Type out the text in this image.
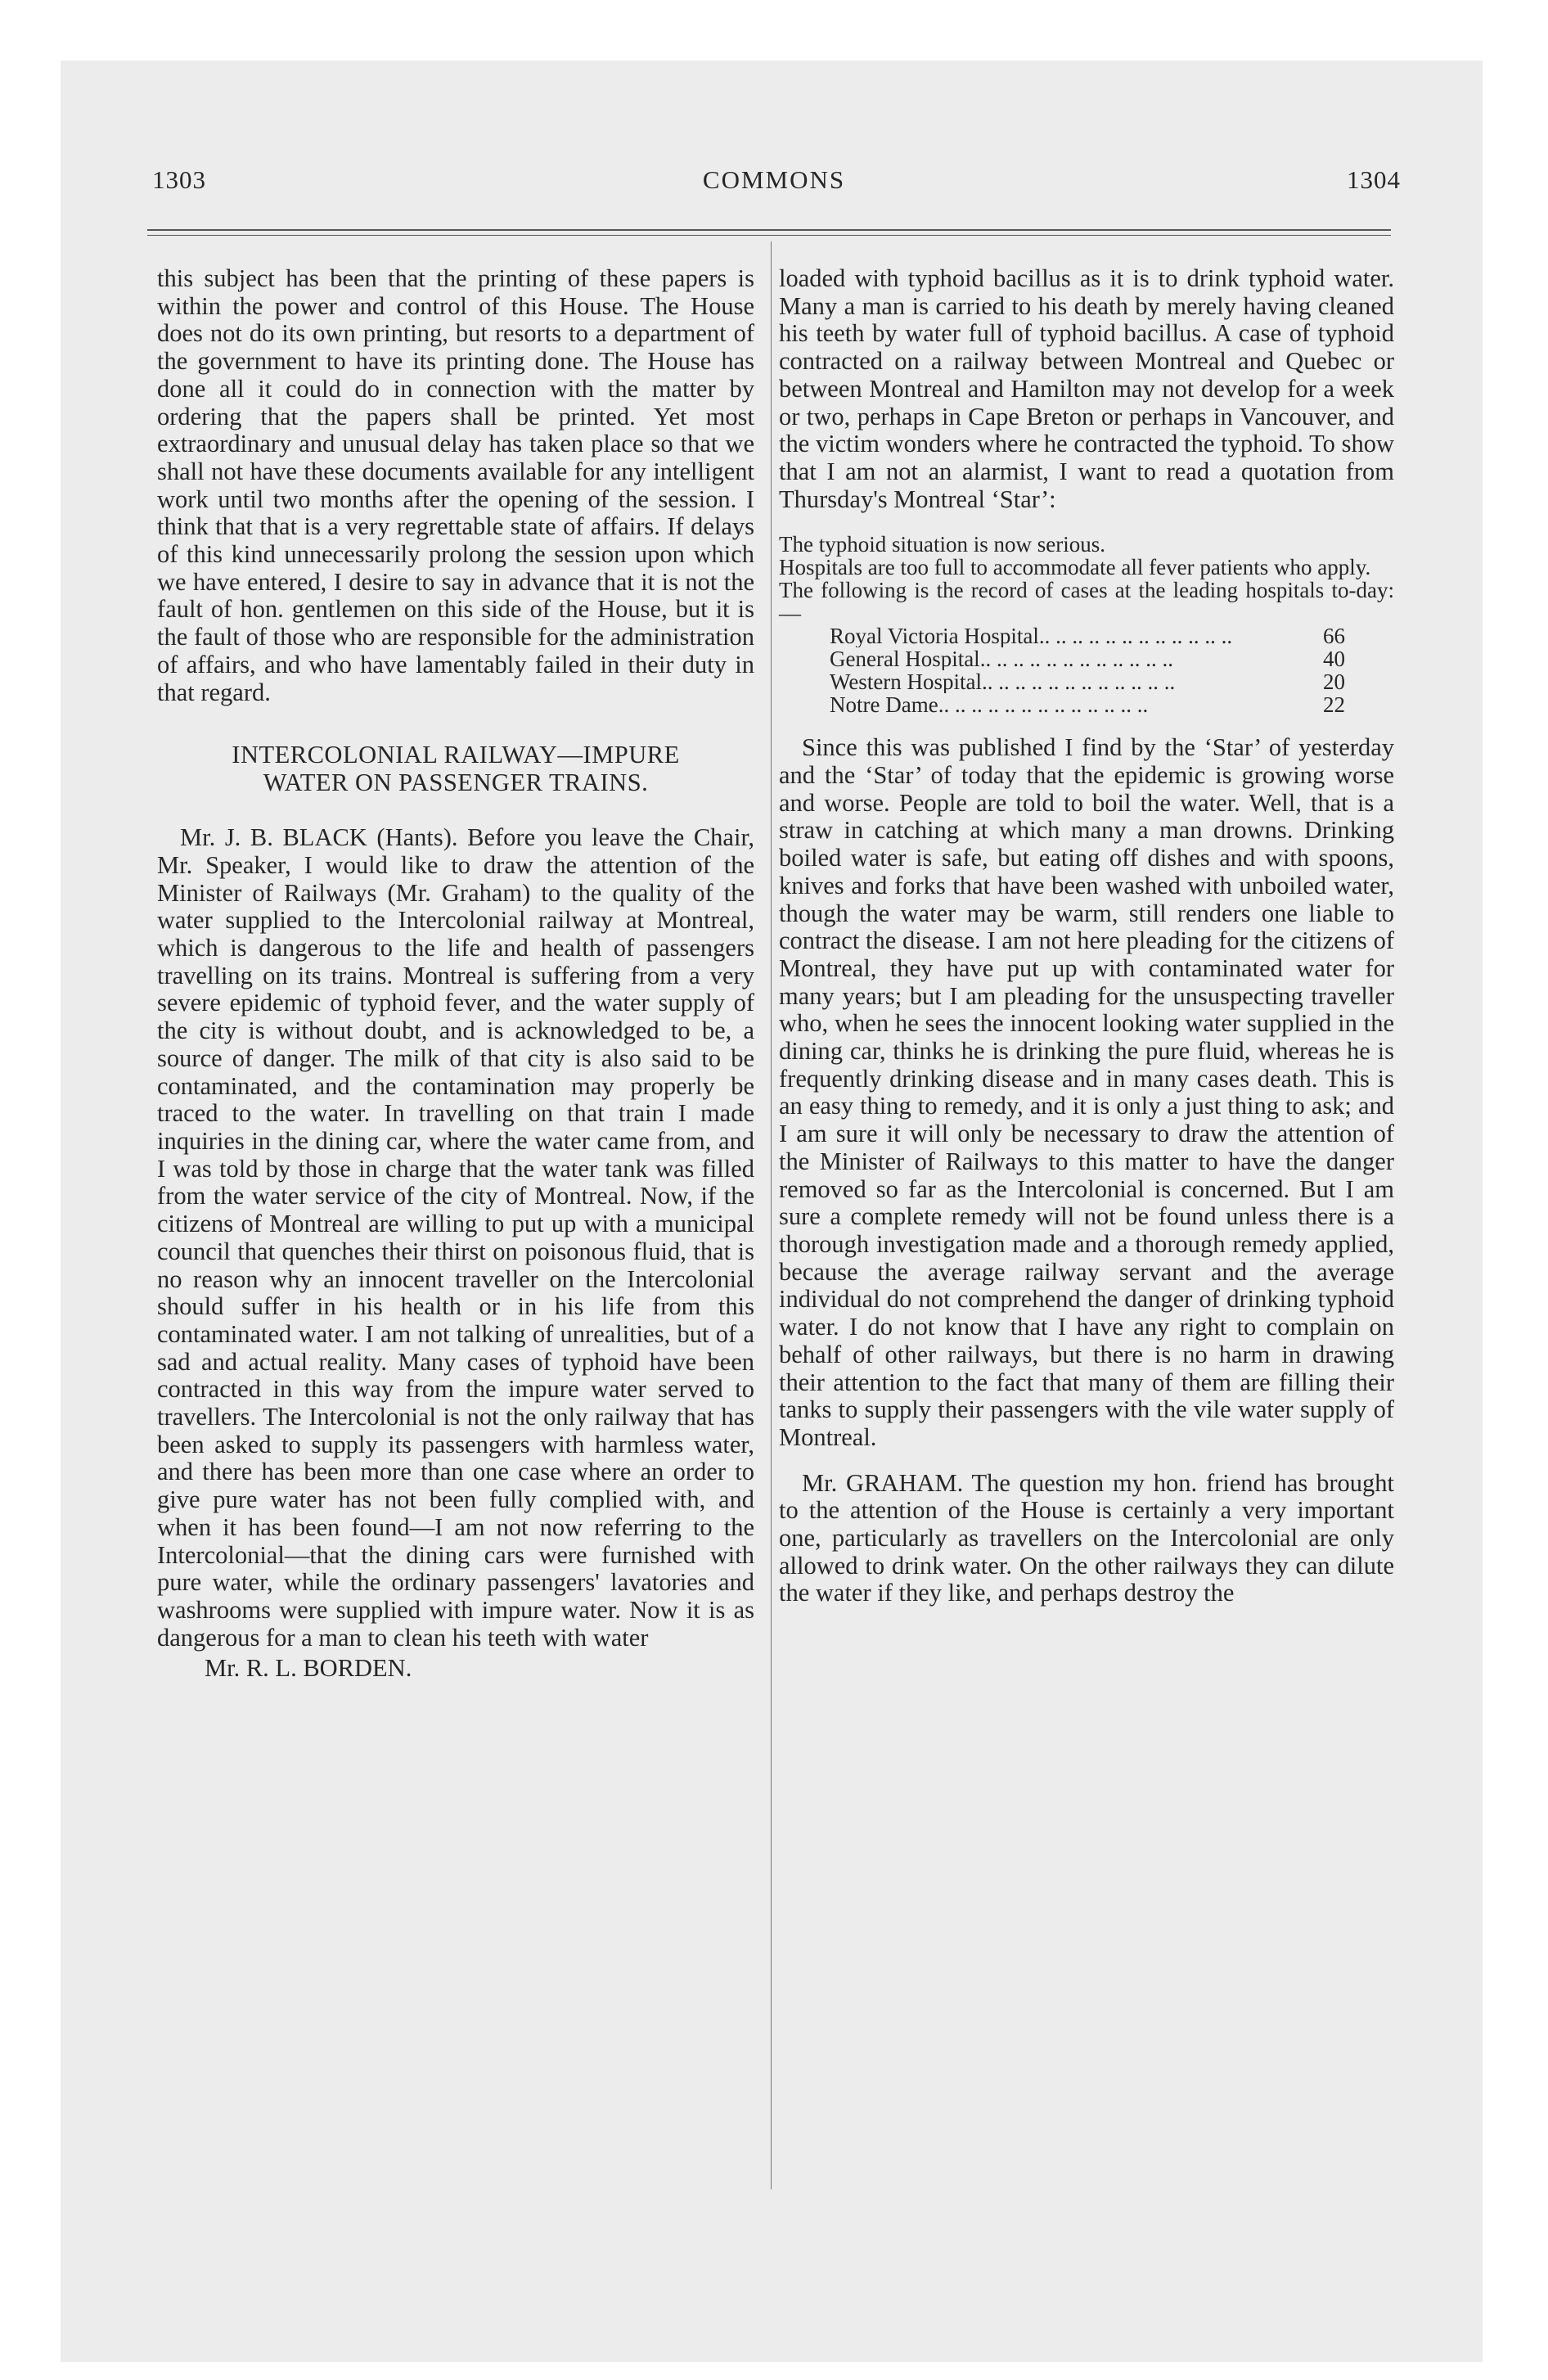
1303	COMMONS	1304

this subject has been that the printing of these papers is within the power and control of this House. The House does not do its own printing, but resorts to a department of the government to have its printing done. The House has done all it could do in connection with the matter by ordering that the papers shall be printed. Yet most extraordinary and unusual delay has taken place so that we shall not have these documents available for any intelligent work until two months after the opening of the session. I think that that is a very regrettable state of affairs. If delays of this kind unnecessarily prolong the session upon which we have entered, I desire to say in advance that it is not the fault of hon. gentlemen on this side of the House, but it is the fault of those who are responsible for the administration of affairs, and who have lamentably failed in their duty in that regard.

INTERCOLONIAL RAILWAY—IMPURE
WATER ON PASSENGER TRAINS.

Mr. J. B. BLACK (Hants). Before you leave the Chair, Mr. Speaker, I would like to draw the attention of the Minister of Railways (Mr. Graham) to the quality of the water supplied to the Intercolonial railway at Montreal, which is dangerous to the life and health of passengers travelling on its trains. Montreal is suffering from a very severe epidemic of typhoid fever, and the water supply of the city is without doubt, and is acknowledged to be, a source of danger. The milk of that city is also said to be contaminated, and the contamination may properly be traced to the water. In travelling on that train I made inquiries in the dining car, where the water came from, and I was told by those in charge that the water tank was filled from the water service of the city of Montreal. Now, if the citizens of Montreal are willing to put up with a municipal council that quenches their thirst on poisonous fluid, that is no reason why an innocent traveller on the Intercolonial should suffer in his health or in his life from this contaminated water. I am not talking of unrealities, but of a sad and actual reality. Many cases of typhoid have been contracted in this way from the impure water served to travellers. The Intercolonial is not the only railway that has been asked to supply its passengers with harmless water, and there has been more than one case where an order to give pure water has not been fully complied with, and when it has been found—I am not now referring to the Intercolonial—that the dining cars were furnished with pure water, while the ordinary passengers' lavatories and washrooms were supplied with impure water. Now it is as dangerous for a man to clean his teeth with water

Mr. R. L. BORDEN.

loaded with typhoid bacillus as it is to drink typhoid water. Many a man is carried to his death by merely having cleaned his teeth by water full of typhoid bacillus. A case of typhoid contracted on a railway between Montreal and Quebec or between Montreal and Hamilton may not develop for a week or two, perhaps in Cape Breton or perhaps in Vancouver, and the victim wonders where he contracted the typhoid. To show that I am not an alarmist, I want to read a quotation from Thursday's Montreal ‘Star’:

The typhoid situation is now serious.

Hospitals are too full to accommodate all fever patients who apply.

The following is the record of cases at the leading hospitals to-day:—

Royal Victoria Hospital.. .. .. .. .. .. .. .. .. .. .. ..	66
General Hospital.. .. .. .. .. .. .. .. .. .. .. ..	40
Western Hospital.. .. .. .. .. .. .. .. .. .. .. ..	20
Notre Dame.. .. .. .. .. .. .. .. .. .. .. .. ..	22

Since this was published I find by the ‘Star’ of yesterday and the ‘Star’ of today that the epidemic is growing worse and worse. People are told to boil the water. Well, that is a straw in catching at which many a man drowns. Drinking boiled water is safe, but eating off dishes and with spoons, knives and forks that have been washed with unboiled water, though the water may be warm, still renders one liable to contract the disease. I am not here pleading for the citizens of Montreal, they have put up with contaminated water for many years; but I am pleading for the unsuspecting traveller who, when he sees the innocent looking water supplied in the dining car, thinks he is drinking the pure fluid, whereas he is frequently drinking disease and in many cases death. This is an easy thing to remedy, and it is only a just thing to ask; and I am sure it will only be necessary to draw the attention of the Minister of Railways to this matter to have the danger removed so far as the Intercolonial is concerned. But I am sure a complete remedy will not be found unless there is a thorough investigation made and a thorough remedy applied, because the average railway servant and the average individual do not comprehend the danger of drinking typhoid water. I do not know that I have any right to complain on behalf of other railways, but there is no harm in drawing their attention to the fact that many of them are filling their tanks to supply their passengers with the vile water supply of Montreal.

Mr. GRAHAM. The question my hon. friend has brought to the attention of the House is certainly a very important one, particularly as travellers on the Intercolonial are only allowed to drink water. On the other railways they can dilute the water if they like, and perhaps destroy the
